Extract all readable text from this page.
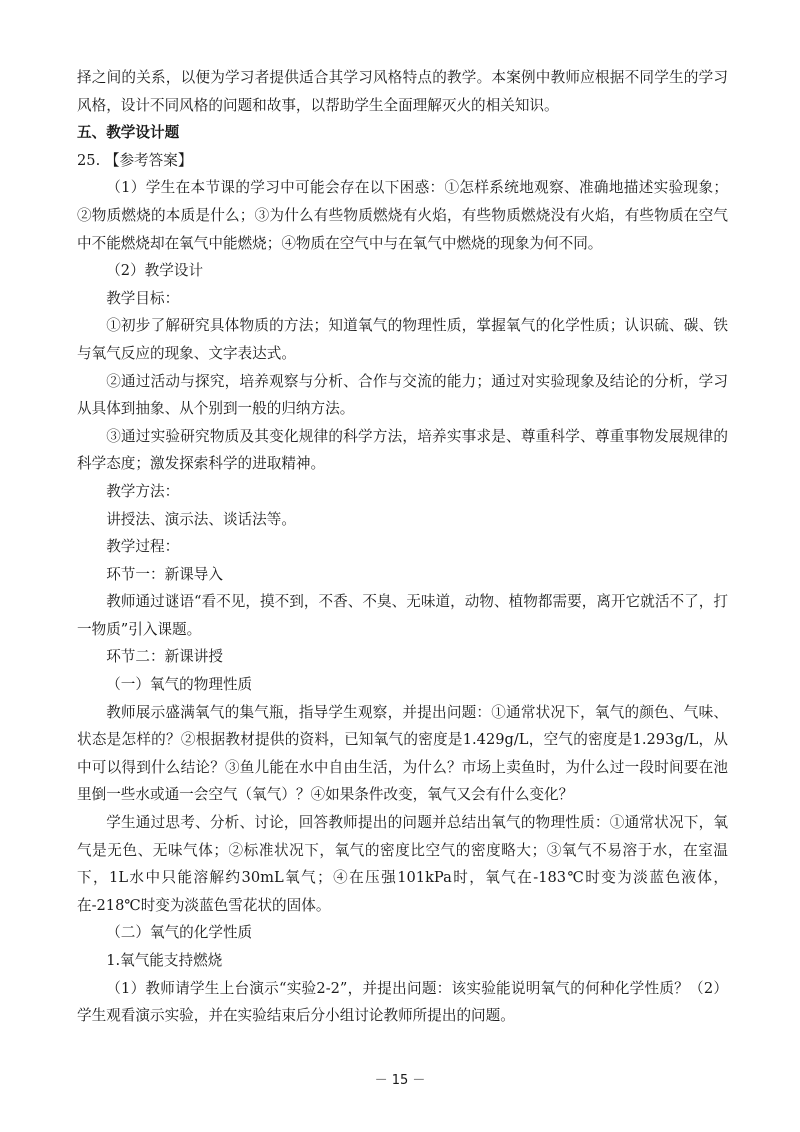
择之间的关系，以便为学习者提供适合其学习风格特点的教学。本案例中教师应根据不同学生的学习风格，设计不同风格的问题和故事，以帮助学生全面理解灭火的相关知识。

五、教学设计题

25. 【参考答案】

（1）学生在本节课的学习中可能会存在以下困惑：①怎样系统地观察、准确地描述实验现象；②物质燃烧的本质是什么；③为什么有些物质燃烧有火焰，有些物质燃烧没有火焰，有些物质在空气中不能燃烧却在氧气中能燃烧；④物质在空气中与在氧气中燃烧的现象为何不同。

（2）教学设计

教学目标：

①初步了解研究具体物质的方法；知道氧气的物理性质，掌握氧气的化学性质；认识硫、碳、铁与氧气反应的现象、文字表达式。

②通过活动与探究，培养观察与分析、合作与交流的能力；通过对实验现象及结论的分析，学习从具体到抽象、从个别到一般的归纳方法。

③通过实验研究物质及其变化规律的科学方法，培养实事求是、尊重科学、尊重事物发展规律的科学态度；激发探索科学的进取精神。

教学方法：

讲授法、演示法、谈话法等。

教学过程：

环节一：新课导入

教师通过谜语“看不见，摸不到，不香、不臭、无味道，动物、植物都需要，离开它就活不了，打一物质”引入课题。

环节二：新课讲授

（一）氧气的物理性质

教师展示盛满氧气的集气瓶，指导学生观察，并提出问题：①通常状况下，氧气的颜色、气味、状态是怎样的？②根据教材提供的资料，已知氧气的密度是1.429g/L，空气的密度是1.293g/L，从中可以得到什么结论？③鱼儿能在水中自由生活，为什么？市场上卖鱼时，为什么过一段时间要在池里倒一些水或通一会空气（氧气）？④如果条件改变，氧气又会有什么变化？

学生通过思考、分析、讨论，回答教师提出的问题并总结出氧气的物理性质：①通常状况下，氧气是无色、无味气体；②标准状况下，氧气的密度比空气的密度略大；③氧气不易溶于水，在室温下，1L水中只能溶解约30mL氧气；④在压强101kPa时，氧气在-183℃时变为淡蓝色液体，在-218℃时变为淡蓝色雪花状的固体。

（二）氧气的化学性质

1.氧气能支持燃烧

（1）教师请学生上台演示“实验2-2”，并提出问题：该实验能说明氧气的何种化学性质？（2）学生观看演示实验，并在实验结束后分小组讨论教师所提出的问题。

－ 15 －
